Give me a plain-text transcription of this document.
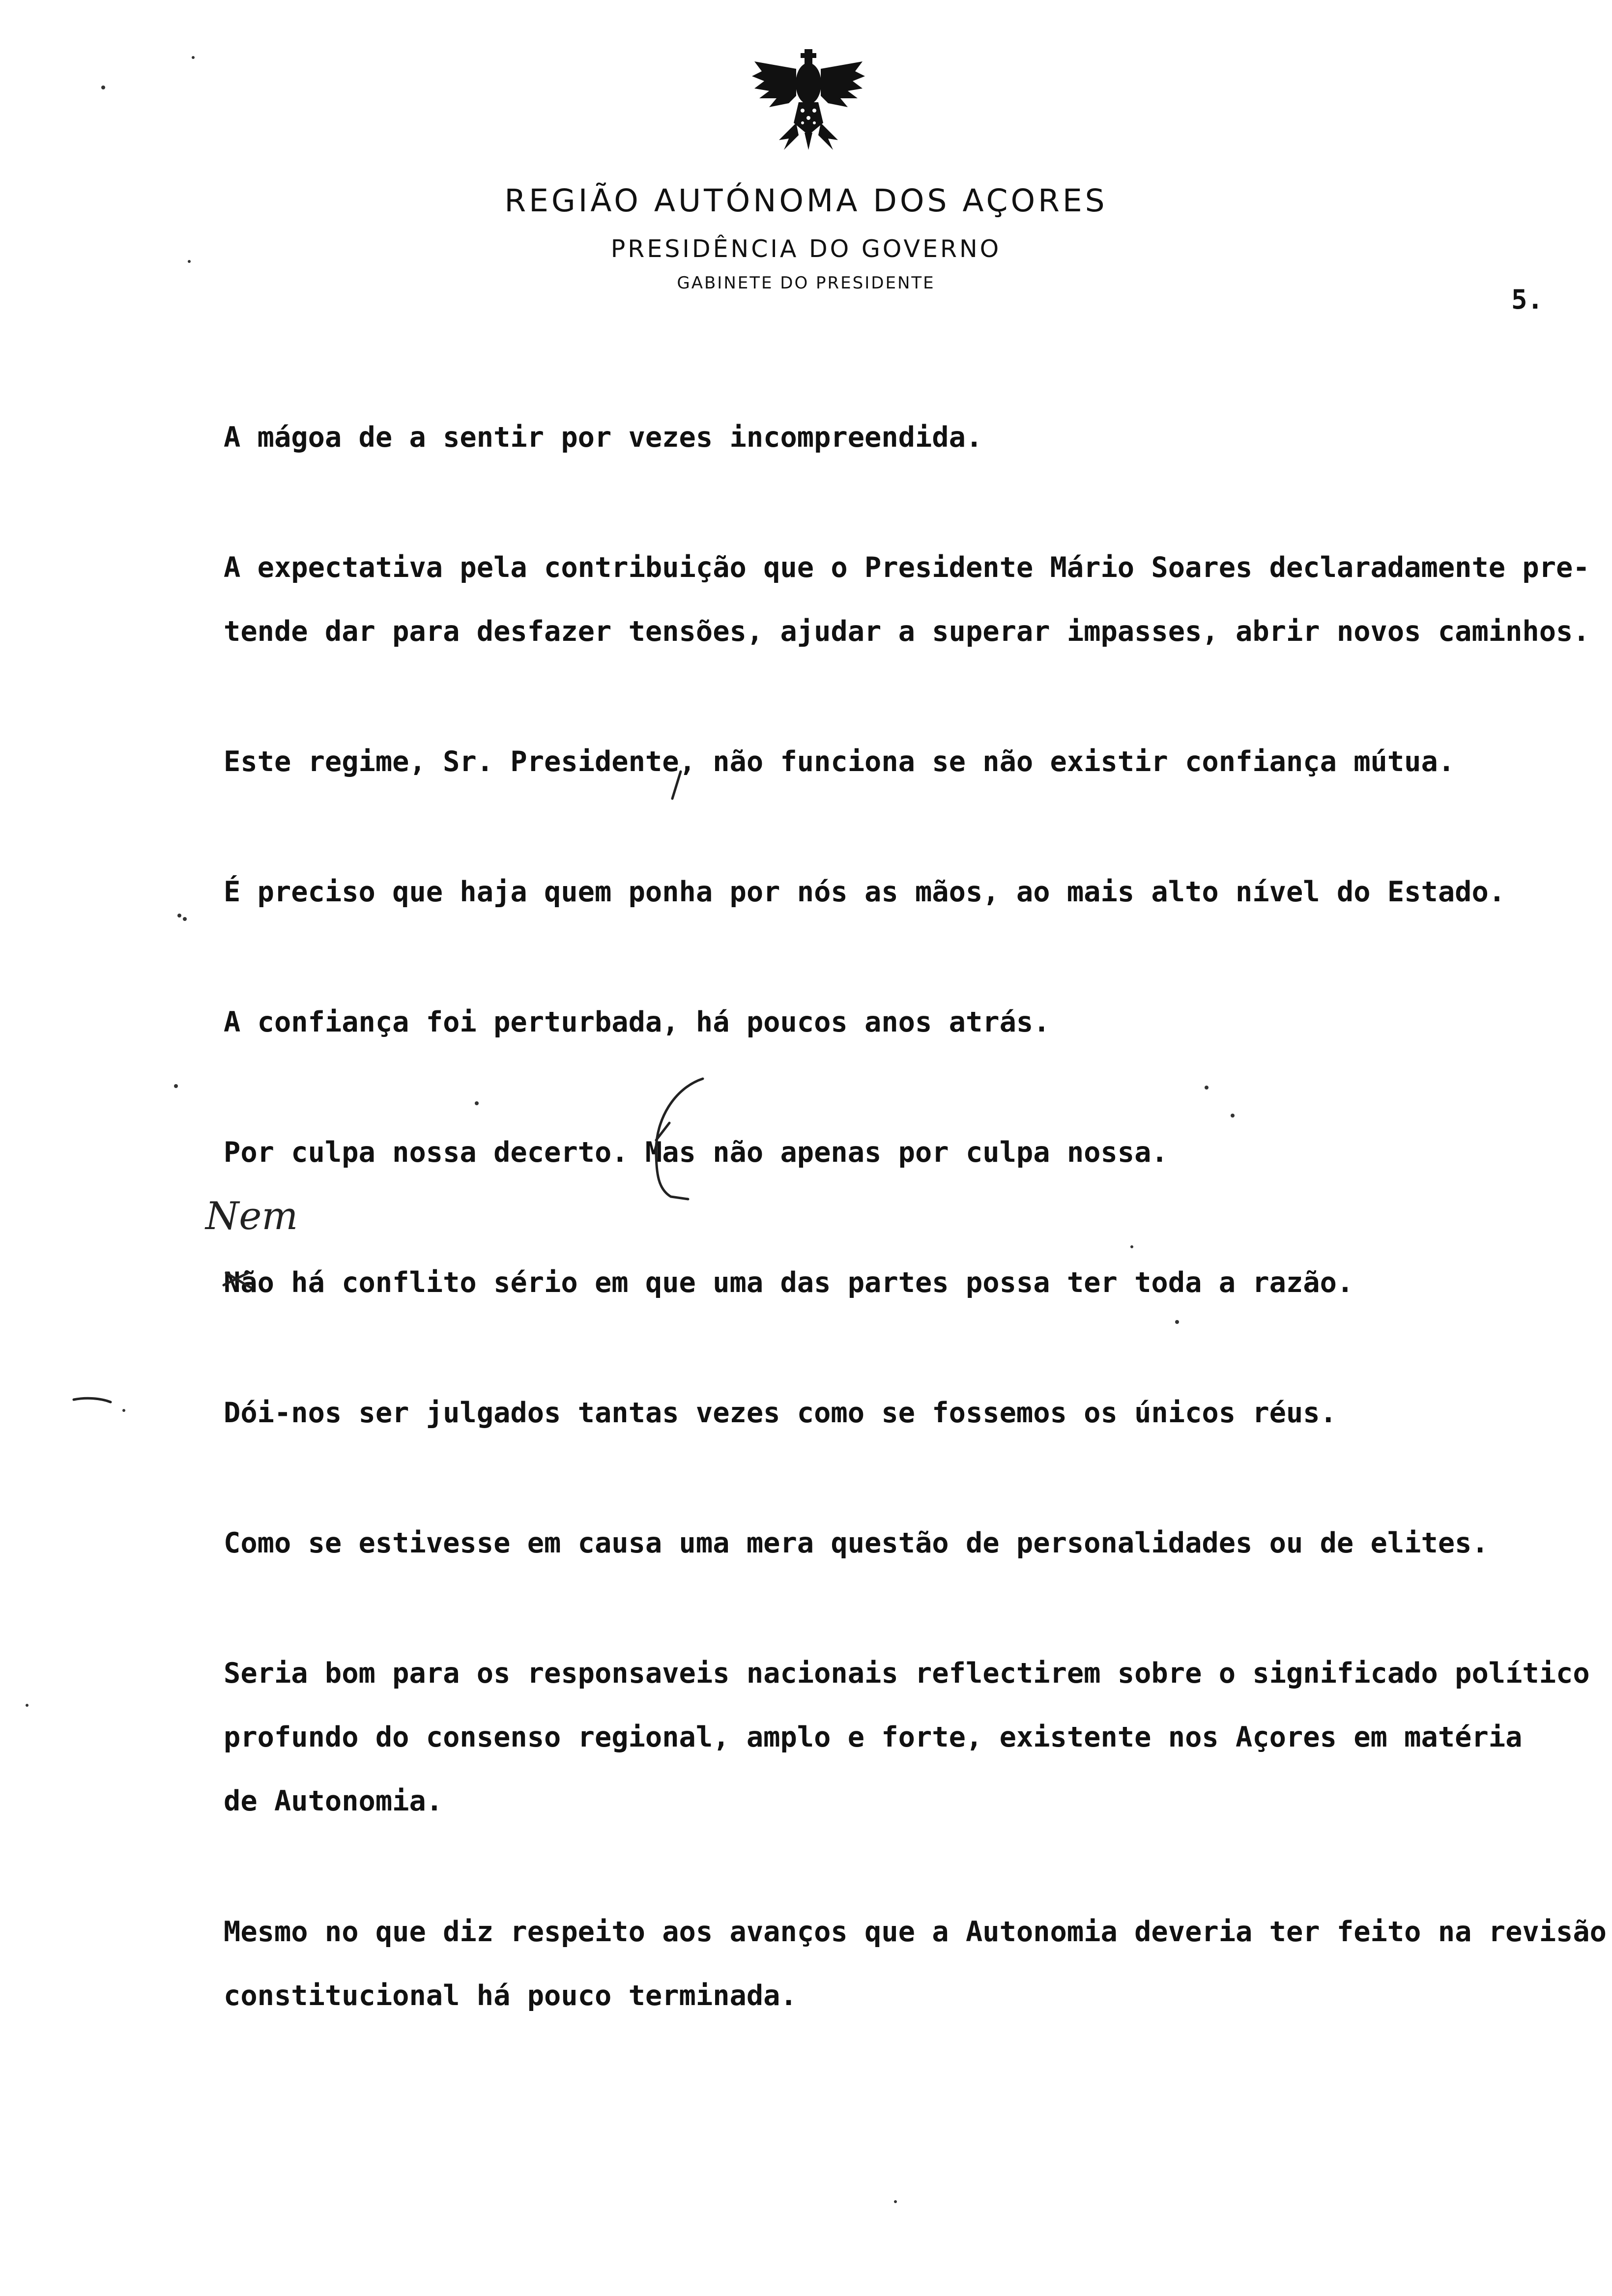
REGIÃO AUTÓNOMA DOS AÇORES
PRESIDÊNCIA DO GOVERNO
GABINETE DO PRESIDENTE
5.

A mágoa de a sentir por vezes incompreendida.

A expectativa pela contribuição que o Presidente Mário Soares declaradamente pre-

tende dar para desfazer tensões, ajudar a superar impasses, abrir novos caminhos.

Este regime, Sr. Presidente, não funciona se não existir confiança mútua.

É preciso que haja quem ponha por nós as mãos, ao mais alto nível do Estado.

A confiança foi perturbada, há poucos anos atrás.

Por culpa nossa decerto. Mas não apenas por culpa nossa.

Não há conflito sério em que uma das partes possa ter toda a razão.

Dói-nos ser julgados tantas vezes como se fossemos os únicos réus.

Como se estivesse em causa uma mera questão de personalidades ou de elites.

Seria bom para os responsaveis nacionais reflectirem sobre o significado político

profundo do consenso regional, amplo e forte, existente nos Açores em matéria

de Autonomia.

Mesmo no que diz respeito aos avanços que a Autonomia deveria ter feito na revisão

constitucional há pouco terminada.

Nem
